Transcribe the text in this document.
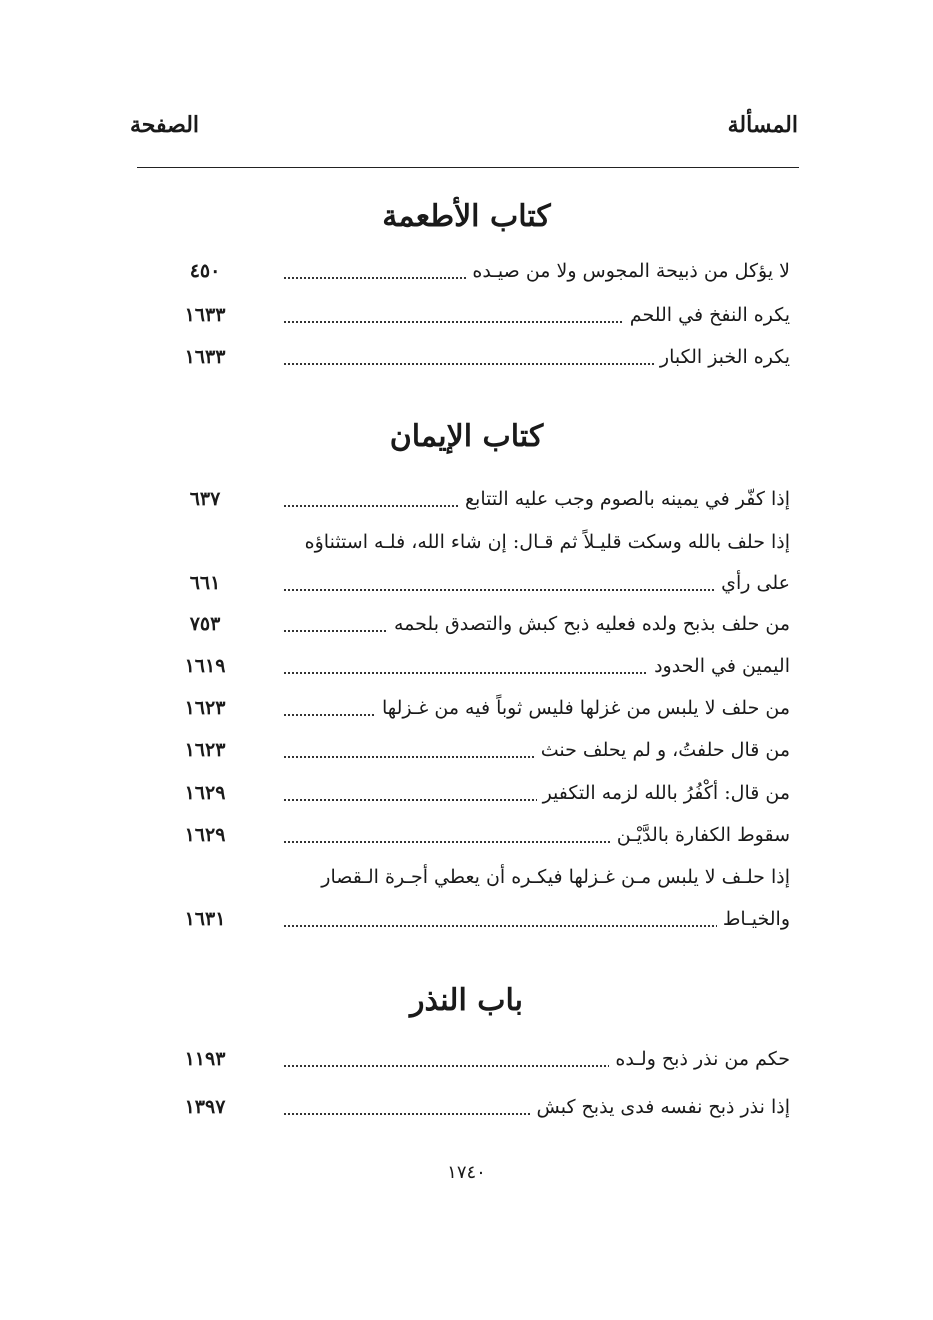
المسألة
الصفحة
كتاب الأطعمة
لا يؤكل من ذبيحة المجوس ولا من صيـده
٤٥٠
يكره النفخ في اللحم
١٦٣٣
يكره الخبز الكبار
١٦٣٣
كتاب الإيمان
إذا كفّر في يمينه بالصوم وجب عليه التتابع
٦٣٧
إذا حلف بالله وسكت قليـلاً ثم قـال: إن شاء الله، فلـه استثناؤه
على رأي
٦٦١
من حلف بذبح ولده فعليه ذبح كبش والتصدق بلحمه
٧٥٣
اليمين في الحدود
١٦١٩
من حلف لا يلبس من غزلها فليس ثوباً فيه من غـزلها
١٦٢٣
من قال حلفتُ، و لم يحلف حنث
١٦٢٣
من قال: أكْفُرُ بالله لزمه التكفير
١٦٢٩
سقوط الكفارة بالدَّيْـن
١٦٢٩
إذا حلـف لا يلبس مـن غـزلها فيكـره أن يعطي أجـرة الـقصار
والخيـاط
١٦٣١
باب النذر
حكم من نذر ذبح ولـده
١١٩٣
إذا نذر ذبح نفسه فدى يذبح كبش
١٣٩٧
١٧٤٠
